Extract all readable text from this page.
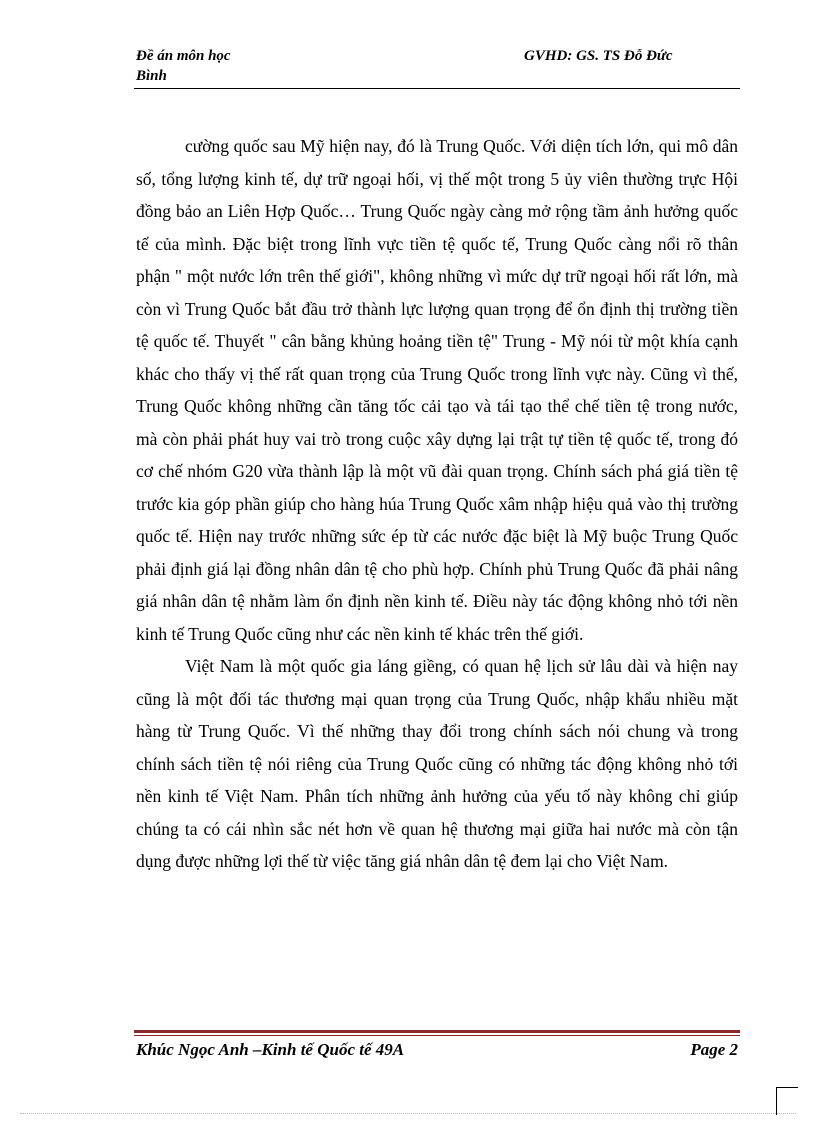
Đề án môn học
Bình
GVHD: GS. TS Đỗ Đức

cường quốc sau Mỹ hiện nay, đó là Trung Quốc. Với diện tích lớn, qui mô dân số, tổng lượng kinh tế, dự trữ ngoại hối, vị thế một trong 5 ủy viên thường trực Hội đồng bảo an Liên Hợp Quốc… Trung Quốc ngày càng mở rộng tầm ảnh hưởng quốc tế của mình. Đặc biệt trong lĩnh vực tiền tệ quốc tế, Trung Quốc càng nổi rõ thân phận " một nước lớn trên thế giới", không những vì mức dự trữ ngoại hối rất lớn, mà còn vì Trung Quốc bắt đầu trở thành lực lượng quan trọng để ổn định thị trường tiền tệ quốc tế. Thuyết " cân bằng khủng hoảng tiền tệ" Trung - Mỹ nói từ một khía cạnh khác cho thấy vị thế rất quan trọng của Trung Quốc trong lĩnh vực này. Cũng vì thế, Trung Quốc không những cần tăng tốc cải tạo và tái tạo thể chế tiền tệ trong nước, mà còn phải phát huy vai trò trong cuộc xây dựng lại trật tự tiền tệ quốc tế, trong đó cơ chế nhóm G20 vừa thành lập là một vũ đài quan trọng. Chính sách phá giá tiền tệ trước kia góp phần giúp cho hàng húa Trung Quốc xâm nhập hiệu quả vào thị trường quốc tế. Hiện nay trước những sức ép từ các nước đặc biệt là Mỹ buộc Trung Quốc phải định giá lại đồng nhân dân tệ cho phù hợp. Chính phủ Trung Quốc đã phải nâng giá nhân dân tệ nhằm làm ổn định nền kinh tế. Điều này tác động không nhỏ tới nền kinh tế Trung Quốc cũng như các nền kinh tế khác trên thế giới.

Việt Nam là một quốc gia láng giềng, có quan hệ lịch sử lâu dài và hiện nay cũng là một đối tác thương mại quan trọng của Trung Quốc, nhập khẩu nhiều mặt hàng từ Trung Quốc. Vì thế những thay đổi trong chính sách nói chung và trong chính sách tiền tệ nói riêng của Trung Quốc cũng có những tác động không nhỏ tới nền kinh tế Việt Nam. Phân tích những ảnh hưởng của yếu tố này không chỉ giúp chúng ta có cái nhìn sắc nét hơn về quan hệ thương mại giữa hai nước mà còn tận dụng được những lợi thế từ việc tăng giá nhân dân tệ đem lại cho Việt Nam.

Khúc Ngọc Anh –Kinh tế Quốc tế 49A	Page 2
